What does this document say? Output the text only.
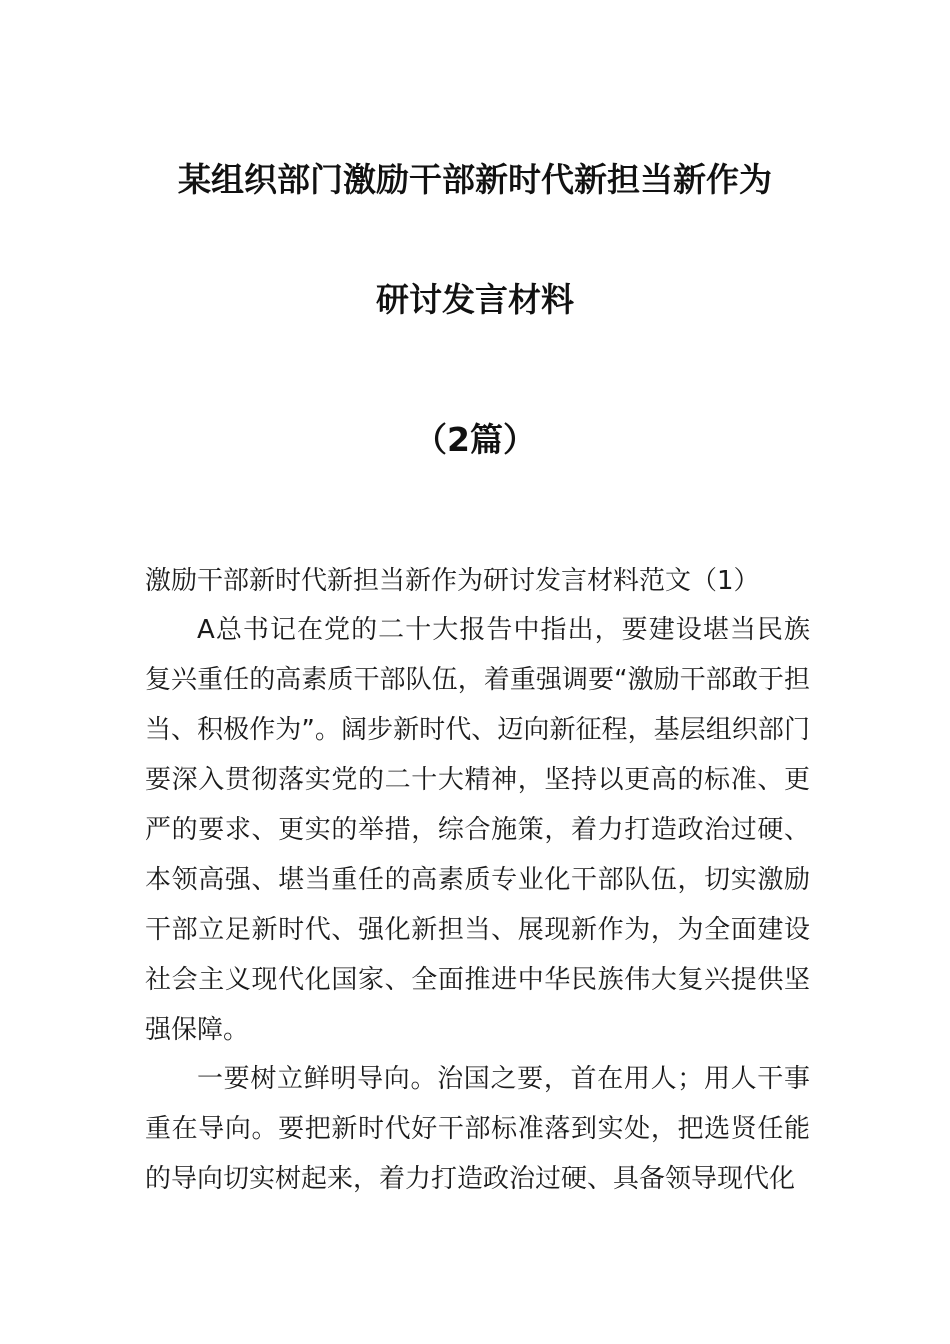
某组织部门激励干部新时代新担当新作为
研讨发言材料
（2篇）
激励干部新时代新担当新作为研讨发言材料范文（1）

A总书记在党的二十大报告中指出，要建设堪当民族复兴重任的高素质干部队伍，着重强调要“激励干部敢于担当、积极作为”。阔步新时代、迈向新征程，基层组织部门要深入贯彻落实党的二十大精神，坚持以更高的标准、更严的要求、更实的举措，综合施策，着力打造政治过硬、本领高强、堪当重任的高素质专业化干部队伍，切实激励干部立足新时代、强化新担当、展现新作为，为全面建设社会主义现代化国家、全面推进中华民族伟大复兴提供坚强保障。

一要树立鲜明导向。治国之要，首在用人；用人干事重在导向。要把新时代好干部标准落到实处，把选贤任能的导向切实树起来，着力打造政治过硬、具备领导现代化
